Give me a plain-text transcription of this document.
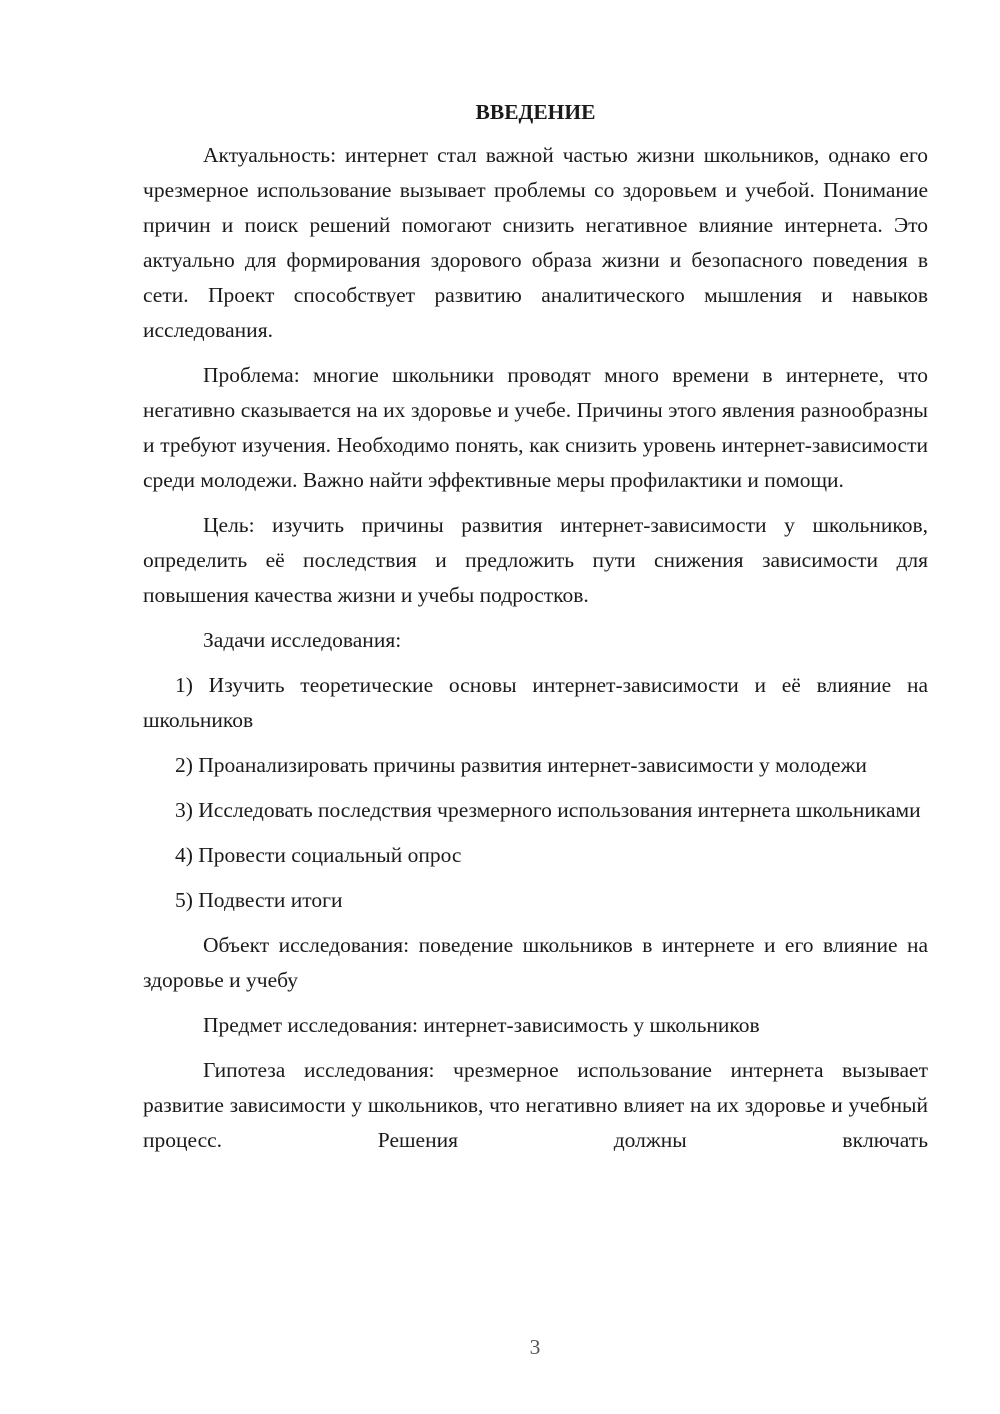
ВВЕДЕНИЕ

Актуальность: интернет стал важной частью жизни школьников, однако его чрезмерное использование вызывает проблемы со здоровьем и учебой. Понимание причин и поиск решений помогают снизить негативное влияние интернета. Это актуально для формирования здорового образа жизни и безопасного поведения в сети. Проект способствует развитию аналитического мышления и навыков исследования.

Проблема: многие школьники проводят много времени в интернете, что негативно сказывается на их здоровье и учебе. Причины этого явления разнообразны и требуют изучения. Необходимо понять, как снизить уровень интернет-зависимости среди молодежи. Важно найти эффективные меры профилактики и помощи.

Цель: изучить причины развития интернет-зависимости у школьников, определить её последствия и предложить пути снижения зависимости для повышения качества жизни и учебы подростков.

Задачи исследования:

1) Изучить теоретические основы интернет-зависимости и её влияние на школьников

2) Проанализировать причины развития интернет-зависимости у молодежи

3) Исследовать последствия чрезмерного использования интернета школьниками

4) Провести социальный опрос

5) Подвести итоги

Объект исследования: поведение школьников в интернете и его влияние на здоровье и учебу

Предмет исследования: интернет-зависимость у школьников

Гипотеза исследования: чрезмерное использование интернета вызывает развитие зависимости у школьников, что негативно влияет на их здоровье и учебный процесс. Решения должны включать

3
